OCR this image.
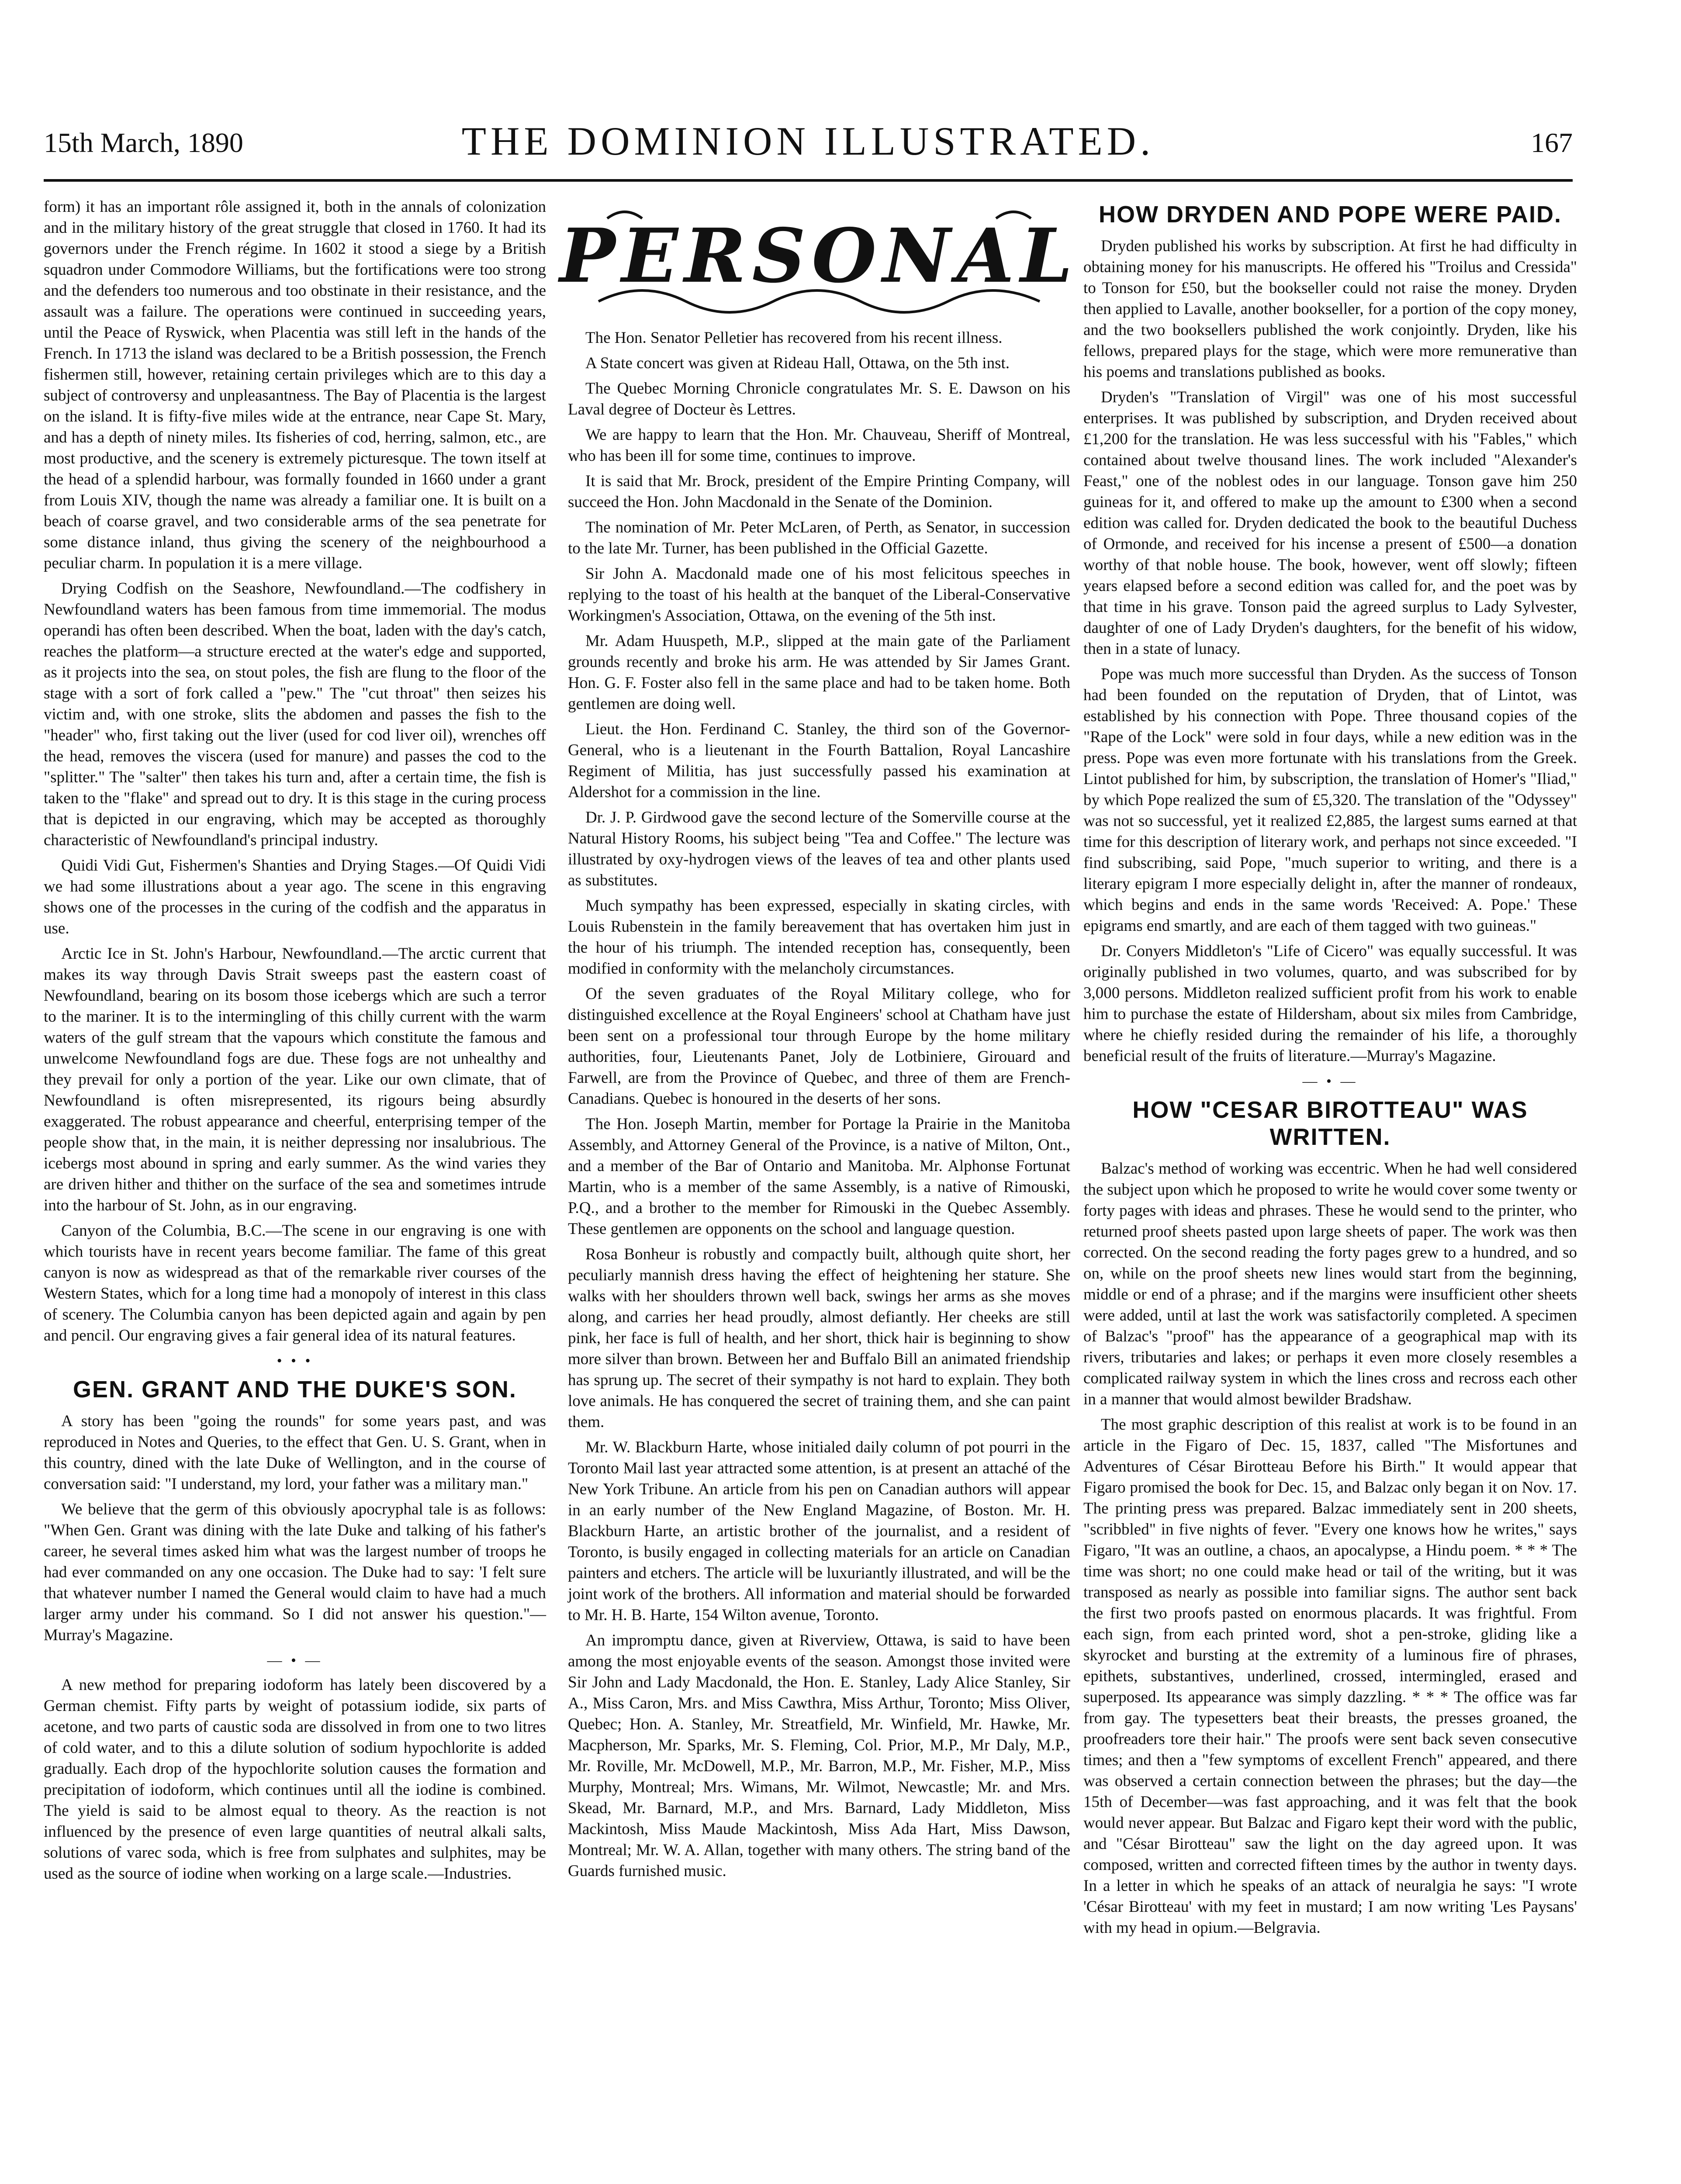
15th March, 1890	THE DOMINION ILLUSTRATED.	167

form) it has an important rôle assigned it, both in the annals of colonization and in the military history of the great struggle that closed in 1760. It had its governors under the French régime. In 1602 it stood a siege by a British squadron under Commodore Williams, but the fortifications were too strong and the defenders too numerous and too obstinate in their resistance, and the assault was a failure. The operations were continued in succeeding years, until the Peace of Ryswick, when Placentia was still left in the hands of the French. In 1713 the island was declared to be a British possession, the French fishermen still, however, retaining certain privileges which are to this day a subject of controversy and unpleasantness. The Bay of Placentia is the largest on the island. It is fifty-five miles wide at the entrance, near Cape St. Mary, and has a depth of ninety miles. Its fisheries of cod, herring, salmon, etc., are most productive, and the scenery is extremely picturesque. The town itself at the head of a splendid harbour, was formally founded in 1660 under a grant from Louis XIV, though the name was already a familiar one. It is built on a beach of coarse gravel, and two considerable arms of the sea penetrate for some distance inland, thus giving the scenery of the neighbourhood a peculiar charm. In population it is a mere village.

Drying Codfish on the Seashore, Newfoundland.—The codfishery in Newfoundland waters has been famous from time immemorial. The modus operandi has often been described. When the boat, laden with the day's catch, reaches the platform—a structure erected at the water's edge and supported, as it projects into the sea, on stout poles, the fish are flung to the floor of the stage with a sort of fork called a "pew." The "cut throat" then seizes his victim and, with one stroke, slits the abdomen and passes the fish to the "header" who, first taking out the liver (used for cod liver oil), wrenches off the head, removes the viscera (used for manure) and passes the cod to the "splitter." The "salter" then takes his turn and, after a certain time, the fish is taken to the "flake" and spread out to dry. It is this stage in the curing process that is depicted in our engraving, which may be accepted as thoroughly characteristic of Newfoundland's principal industry.

Quidi Vidi Gut, Fishermen's Shanties and Drying Stages.—Of Quidi Vidi we had some illustrations about a year ago. The scene in this engraving shows one of the processes in the curing of the codfish and the apparatus in use.

Arctic Ice in St. John's Harbour, Newfoundland.—The arctic current that makes its way through Davis Strait sweeps past the eastern coast of Newfoundland, bearing on its bosom those icebergs which are such a terror to the mariner. It is to the intermingling of this chilly current with the warm waters of the gulf stream that the vapours which constitute the famous and unwelcome Newfoundland fogs are due. These fogs are not unhealthy and they prevail for only a portion of the year. Like our own climate, that of Newfoundland is often misrepresented, its rigours being absurdly exaggerated. The robust appearance and cheerful, enterprising temper of the people show that, in the main, it is neither depressing nor insalubrious. The icebergs most abound in spring and early summer. As the wind varies they are driven hither and thither on the surface of the sea and sometimes intrude into the harbour of St. John, as in our engraving.

Canyon of the Columbia, B.C.—The scene in our engraving is one with which tourists have in recent years become familiar. The fame of this great canyon is now as widespread as that of the remarkable river courses of the Western States, which for a long time had a monopoly of interest in this class of scenery. The Columbia canyon has been depicted again and again by pen and pencil. Our engraving gives a fair general idea of its natural features.

• • •
GEN. GRANT AND THE DUKE'S SON.

A story has been "going the rounds" for some years past, and was reproduced in Notes and Queries, to the effect that Gen. U. S. Grant, when in this country, dined with the late Duke of Wellington, and in the course of conversation said: "I understand, my lord, your father was a military man."

We believe that the germ of this obviously apocryphal tale is as follows: "When Gen. Grant was dining with the late Duke and talking of his father's career, he several times asked him what was the largest number of troops he had ever commanded on any one occasion. The Duke had to say: 'I felt sure that whatever number I named the General would claim to have had a much larger army under his command. So I did not answer his question."—Murray's Magazine.

— • —

A new method for preparing iodoform has lately been discovered by a German chemist. Fifty parts by weight of potassium iodide, six parts of acetone, and two parts of caustic soda are dissolved in from one to two litres of cold water, and to this a dilute solution of sodium hypochlorite is added gradually. Each drop of the hypochlorite solution causes the formation and precipitation of iodoform, which continues until all the iodine is combined. The yield is said to be almost equal to theory. As the reaction is not influenced by the presence of even large quantities of neutral alkali salts, solutions of varec soda, which is free from sulphates and sulphites, may be used as the source of iodine when working on a large scale.—Industries.

PERSONAL

The Hon. Senator Pelletier has recovered from his recent illness.

A State concert was given at Rideau Hall, Ottawa, on the 5th inst.

The Quebec Morning Chronicle congratulates Mr. S. E. Dawson on his Laval degree of Docteur ès Lettres.

We are happy to learn that the Hon. Mr. Chauveau, Sheriff of Montreal, who has been ill for some time, continues to improve.

It is said that Mr. Brock, president of the Empire Printing Company, will succeed the Hon. John Macdonald in the Senate of the Dominion.

The nomination of Mr. Peter McLaren, of Perth, as Senator, in succession to the late Mr. Turner, has been published in the Official Gazette.

Sir John A. Macdonald made one of his most felicitous speeches in replying to the toast of his health at the banquet of the Liberal-Conservative Workingmen's Association, Ottawa, on the evening of the 5th inst.

Mr. Adam Huuspeth, M.P., slipped at the main gate of the Parliament grounds recently and broke his arm. He was attended by Sir James Grant. Hon. G. F. Foster also fell in the same place and had to be taken home. Both gentlemen are doing well.

Lieut. the Hon. Ferdinand C. Stanley, the third son of the Governor-General, who is a lieutenant in the Fourth Battalion, Royal Lancashire Regiment of Militia, has just successfully passed his examination at Aldershot for a commission in the line.

Dr. J. P. Girdwood gave the second lecture of the Somerville course at the Natural History Rooms, his subject being "Tea and Coffee." The lecture was illustrated by oxy-hydrogen views of the leaves of tea and other plants used as substitutes.

Much sympathy has been expressed, especially in skating circles, with Louis Rubenstein in the family bereavement that has overtaken him just in the hour of his triumph. The intended reception has, consequently, been modified in conformity with the melancholy circumstances.

Of the seven graduates of the Royal Military college, who for distinguished excellence at the Royal Engineers' school at Chatham have just been sent on a professional tour through Europe by the home military authorities, four, Lieutenants Panet, Joly de Lotbiniere, Girouard and Farwell, are from the Province of Quebec, and three of them are French-Canadians. Quebec is honoured in the deserts of her sons.

The Hon. Joseph Martin, member for Portage la Prairie in the Manitoba Assembly, and Attorney General of the Province, is a native of Milton, Ont., and a member of the Bar of Ontario and Manitoba. Mr. Alphonse Fortunat Martin, who is a member of the same Assembly, is a native of Rimouski, P.Q., and a brother to the member for Rimouski in the Quebec Assembly. These gentlemen are opponents on the school and language question.

Rosa Bonheur is robustly and compactly built, although quite short, her peculiarly mannish dress having the effect of heightening her stature. She walks with her shoulders thrown well back, swings her arms as she moves along, and carries her head proudly, almost defiantly. Her cheeks are still pink, her face is full of health, and her short, thick hair is beginning to show more silver than brown. Between her and Buffalo Bill an animated friendship has sprung up. The secret of their sympathy is not hard to explain. They both love animals. He has conquered the secret of training them, and she can paint them.

Mr. W. Blackburn Harte, whose initialed daily column of pot pourri in the Toronto Mail last year attracted some attention, is at present an attaché of the New York Tribune. An article from his pen on Canadian authors will appear in an early number of the New England Magazine, of Boston. Mr. H. Blackburn Harte, an artistic brother of the journalist, and a resident of Toronto, is busily engaged in collecting materials for an article on Canadian painters and etchers. The article will be luxuriantly illustrated, and will be the joint work of the brothers. All information and material should be forwarded to Mr. H. B. Harte, 154 Wilton avenue, Toronto.

An impromptu dance, given at Riverview, Ottawa, is said to have been among the most enjoyable events of the season. Amongst those invited were Sir John and Lady Macdonald, the Hon. E. Stanley, Lady Alice Stanley, Sir A., Miss Caron, Mrs. and Miss Cawthra, Miss Arthur, Toronto; Miss Oliver, Quebec; Hon. A. Stanley, Mr. Streatfield, Mr. Winfield, Mr. Hawke, Mr. Macpherson, Mr. Sparks, Mr. S. Fleming, Col. Prior, M.P., Mr Daly, M.P., Mr. Roville, Mr. McDowell, M.P., Mr. Barron, M.P., Mr. Fisher, M.P., Miss Murphy, Montreal; Mrs. Wimans, Mr. Wilmot, Newcastle; Mr. and Mrs. Skead, Mr. Barnard, M.P., and Mrs. Barnard, Lady Middleton, Miss Mackintosh, Miss Maude Mackintosh, Miss Ada Hart, Miss Dawson, Montreal; Mr. W. A. Allan, together with many others. The string band of the Guards furnished music.

HOW DRYDEN AND POPE WERE PAID.

Dryden published his works by subscription. At first he had difficulty in obtaining money for his manuscripts. He offered his "Troilus and Cressida" to Tonson for £50, but the bookseller could not raise the money. Dryden then applied to Lavalle, another bookseller, for a portion of the copy money, and the two booksellers published the work conjointly. Dryden, like his fellows, prepared plays for the stage, which were more remunerative than his poems and translations published as books.

Dryden's "Translation of Virgil" was one of his most successful enterprises. It was published by subscription, and Dryden received about £1,200 for the translation. He was less successful with his "Fables," which contained about twelve thousand lines. The work included "Alexander's Feast," one of the noblest odes in our language. Tonson gave him 250 guineas for it, and offered to make up the amount to £300 when a second edition was called for. Dryden dedicated the book to the beautiful Duchess of Ormonde, and received for his incense a present of £500—a donation worthy of that noble house. The book, however, went off slowly; fifteen years elapsed before a second edition was called for, and the poet was by that time in his grave. Tonson paid the agreed surplus to Lady Sylvester, daughter of one of Lady Dryden's daughters, for the benefit of his widow, then in a state of lunacy.

Pope was much more successful than Dryden. As the success of Tonson had been founded on the reputation of Dryden, that of Lintot, was established by his connection with Pope. Three thousand copies of the "Rape of the Lock" were sold in four days, while a new edition was in the press. Pope was even more fortunate with his translations from the Greek. Lintot published for him, by subscription, the translation of Homer's "Iliad," by which Pope realized the sum of £5,320. The translation of the "Odyssey" was not so successful, yet it realized £2,885, the largest sums earned at that time for this description of literary work, and perhaps not since exceeded. "I find subscribing, said Pope, "much superior to writing, and there is a literary epigram I more especially delight in, after the manner of rondeaux, which begins and ends in the same words 'Received: A. Pope.' These epigrams end smartly, and are each of them tagged with two guineas."

Dr. Conyers Middleton's "Life of Cicero" was equally successful. It was originally published in two volumes, quarto, and was subscribed for by 3,000 persons. Middleton realized sufficient profit from his work to enable him to purchase the estate of Hildersham, about six miles from Cambridge, where he chiefly resided during the remainder of his life, a thoroughly beneficial result of the fruits of literature.—Murray's Magazine.

— • —
HOW "CESAR BIROTTEAU" WAS WRITTEN.

Balzac's method of working was eccentric. When he had well considered the subject upon which he proposed to write he would cover some twenty or forty pages with ideas and phrases. These he would send to the printer, who returned proof sheets pasted upon large sheets of paper. The work was then corrected. On the second reading the forty pages grew to a hundred, and so on, while on the proof sheets new lines would start from the beginning, middle or end of a phrase; and if the margins were insufficient other sheets were added, until at last the work was satisfactorily completed. A specimen of Balzac's "proof" has the appearance of a geographical map with its rivers, tributaries and lakes; or perhaps it even more closely resembles a complicated railway system in which the lines cross and recross each other in a manner that would almost bewilder Bradshaw.

The most graphic description of this realist at work is to be found in an article in the Figaro of Dec. 15, 1837, called "The Misfortunes and Adventures of César Birotteau Before his Birth." It would appear that Figaro promised the book for Dec. 15, and Balzac only began it on Nov. 17. The printing press was prepared. Balzac immediately sent in 200 sheets, "scribbled" in five nights of fever. "Every one knows how he writes," says Figaro, "It was an outline, a chaos, an apocalypse, a Hindu poem. * * * The time was short; no one could make head or tail of the writing, but it was transposed as nearly as possible into familiar signs. The author sent back the first two proofs pasted on enormous placards. It was frightful. From each sign, from each printed word, shot a pen-stroke, gliding like a skyrocket and bursting at the extremity of a luminous fire of phrases, epithets, substantives, underlined, crossed, intermingled, erased and superposed. Its appearance was simply dazzling. * * * The office was far from gay. The typesetters beat their breasts, the presses groaned, the proofreaders tore their hair." The proofs were sent back seven consecutive times; and then a "few symptoms of excellent French" appeared, and there was observed a certain connection between the phrases; but the day—the 15th of December—was fast approaching, and it was felt that the book would never appear. But Balzac and Figaro kept their word with the public, and "César Birotteau" saw the light on the day agreed upon. It was composed, written and corrected fifteen times by the author in twenty days. In a letter in which he speaks of an attack of neuralgia he says: "I wrote 'César Birotteau' with my feet in mustard; I am now writing 'Les Paysans' with my head in opium.—Belgravia.
